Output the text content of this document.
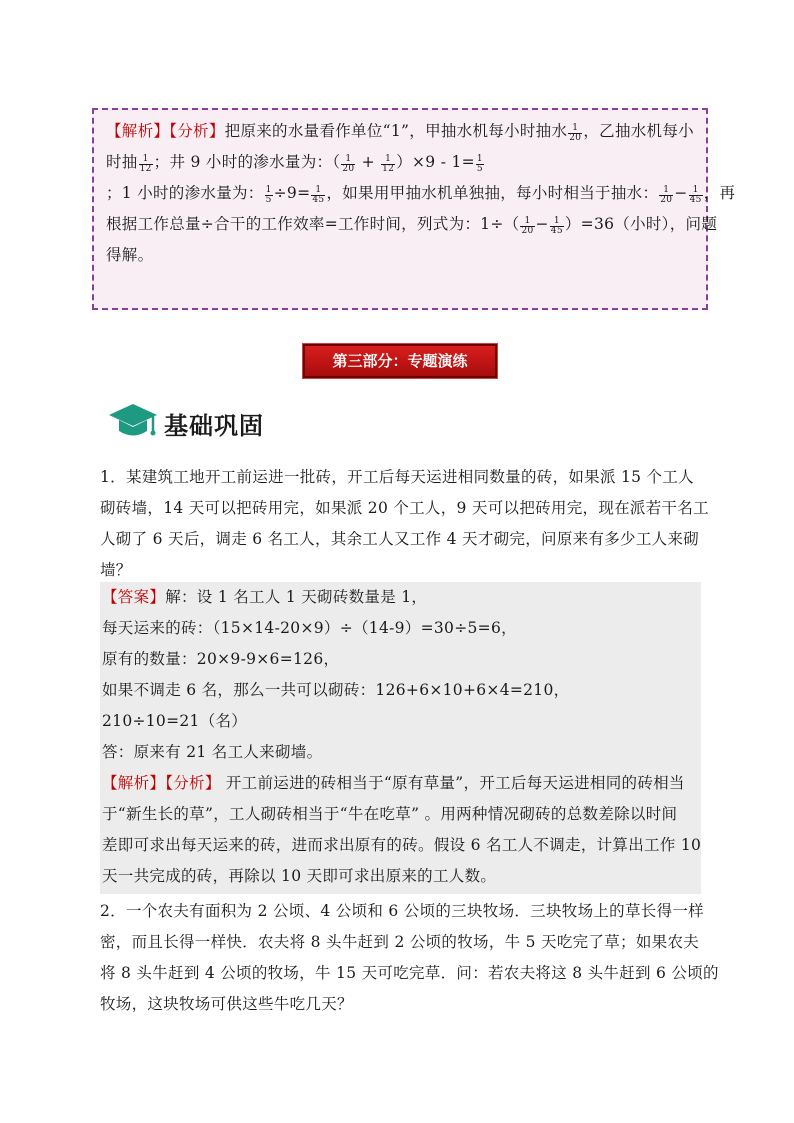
【解析】【分析】把原来的水量看作单位“1”，甲抽水机每小时抽水 $\frac{1}{20}$ ，乙抽水机每小
时抽 $\frac{1}{12}$ ；井 9 小时的渗水量为：（ $\frac{1}{20} + \frac{1}{12} )\times 9 - 1= \frac{1}{5}$
；1 小时的渗水量为： $\frac{1}{5} \div 9= \frac{1}{45}$ ，如果用甲抽水机单独抽，每小时相当于抽水： $\frac{1}{20} - \frac{1}{45}$ ，再
根据工作总量÷合干的工作效率=工作时间，列式为：$1\div( \frac{1}{20} - \frac{1}{45} )=36$（小时），问题
得解。
第三部分：专题演练
基础巩固
1．某建筑工地开工前运进一批砖，开工后每天运进相同数量的砖，如果派 15 个工人
砌砖墙，14 天可以把砖用完，如果派 20 个工人，9 天可以把砖用完，现在派若干名工
人砌了 6 天后，调走 6 名工人，其余工人又工作 4 天才砌完，问原来有多少工人来砌
墙？
【答案】解：设 1 名工人 1 天砌砖数量是 1，
每天运来的砖：（15×14-20×9）÷（14-9）=30÷5=6，
原有的数量：20×9-9×6=126，
如果不调走 6 名，那么一共可以砌砖：126+6×10+6×4=210，
210÷10=21（名）
答：原来有 21 名工人来砌墙。
【解析】【分析】 开工前运进的砖相当于“原有草量”，开工后每天运进相同的砖相当
于“新生长的草”，工人砌砖相当于“牛在吃草” 。用两种情况砌砖的总数差除以时间
差即可求出每天运来的砖，进而求出原有的砖。假设 6 名工人不调走，计算出工作 10
天一共完成的砖，再除以 10 天即可求出原来的工人数。
2．一个农夫有面积为 2 公顷、4 公顷和 6 公顷的三块牧场．三块牧场上的草长得一样
密，而且长得一样快．农夫将 8 头牛赶到 2 公顷的牧场，牛 5 天吃完了草；如果农夫
将 8 头牛赶到 4 公顷的牧场，牛 15 天可吃完草．问：若农夫将这 8 头牛赶到 6 公顷的
牧场，这块牧场可供这些牛吃几天？
